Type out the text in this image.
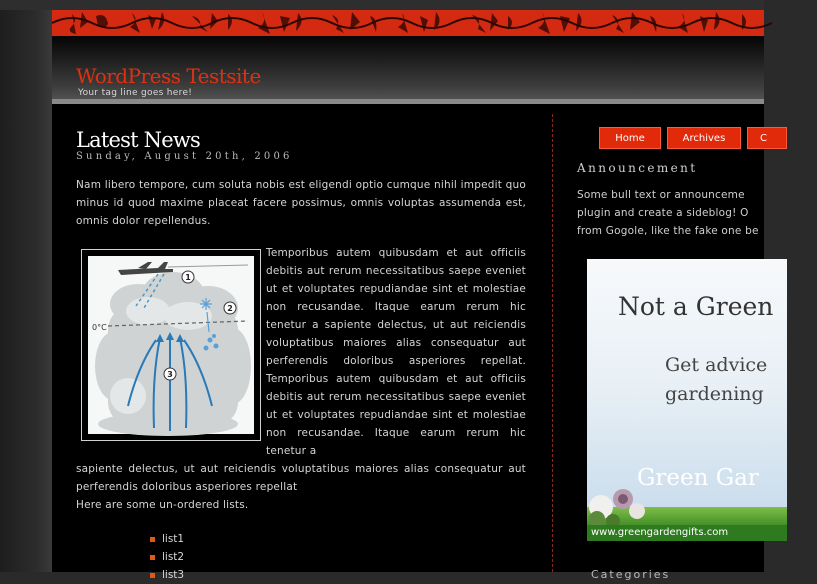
WordPress Testsite
Your tag line goes here!
Latest News
Sunday, August 20th, 2006
Nam libero tempore, cum soluta nobis est eligendi optio cumque nihil impedit quo minus id quod maxime placeat facere possimus, omnis voluptas assumenda est, omnis dolor repellendus.
0°C
1
2
3
Temporibus autem quibusdam et aut officiis debitis aut rerum necessitatibus saepe eveniet ut et voluptates repudiandae sint et molestiae non recusandae. Itaque earum rerum hic tenetur a sapiente delectus, ut aut reiciendis voluptatibus maiores alias consequatur aut perferendis doloribus asperiores repellat. Temporibus autem quibusdam et aut officiis debitis aut rerum necessitatibus saepe eveniet ut et voluptates repudiandae sint et molestiae non recusandae. Itaque earum rerum hic tenetur a
sapiente delectus, ut aut reiciendis voluptatibus maiores alias consequatur aut perferendis doloribus asperiores repellat
Here are some un-ordered lists.
list1
list2
list3
Home	Archives	C
Announcement
Some bull text or announceme
plugin and create a sideblog! O
from Gogole, like the fake one be
Not a Green
Get advice
gardening
Green Gar
www.greengardengifts.com
Categories
